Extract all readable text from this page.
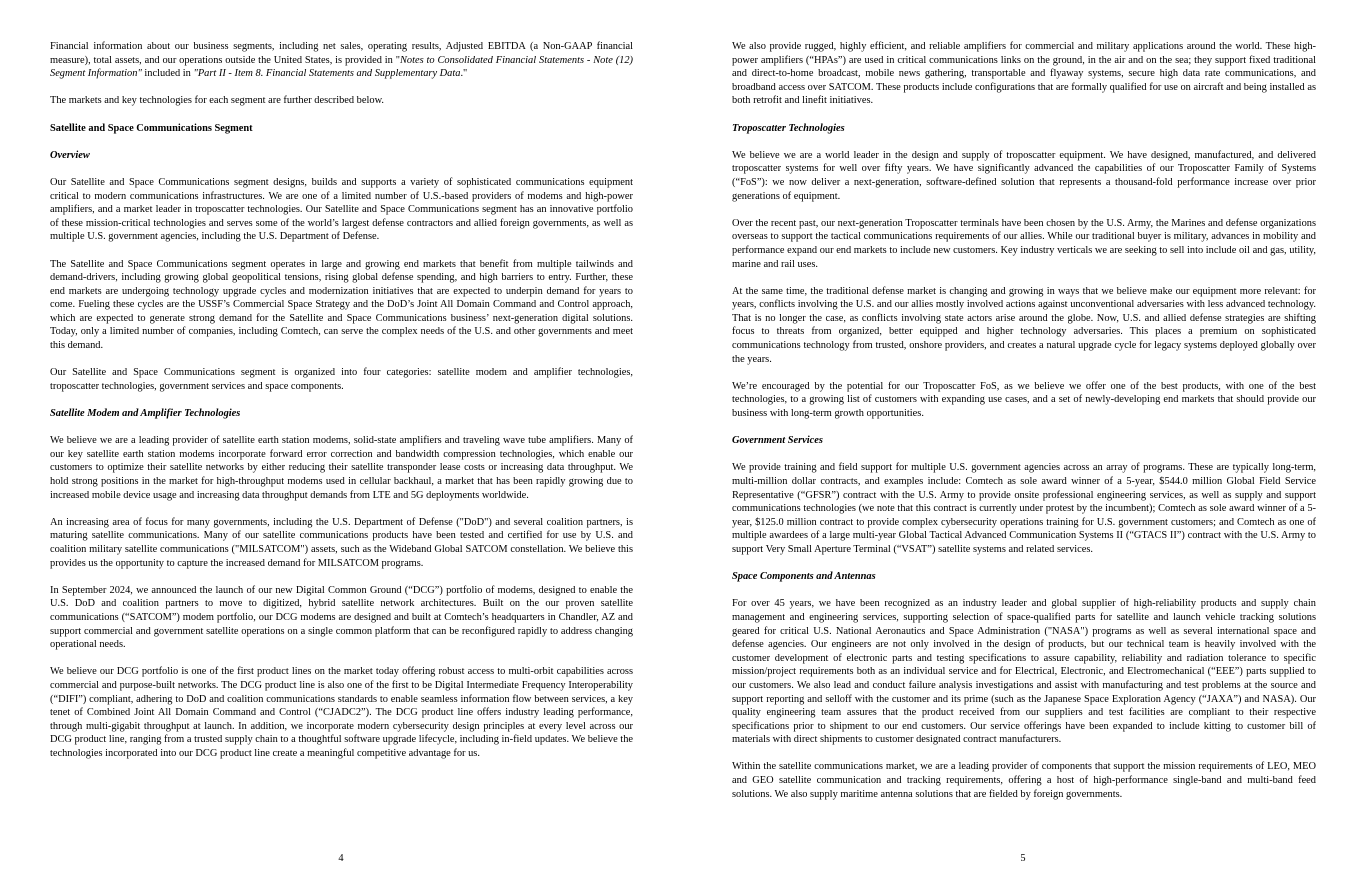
Financial information about our business segments, including net sales, operating results, Adjusted EBITDA (a Non-GAAP financial measure), total assets, and our operations outside the United States, is provided in "Notes to Consolidated Financial Statements - Note (12) Segment Information" included in "Part II - Item 8. Financial Statements and Supplementary Data."

The markets and key technologies for each segment are further described below.

Satellite and Space Communications Segment
Overview

Our Satellite and Space Communications segment designs, builds and supports a variety of sophisticated communications equipment critical to modern communications infrastructures. We are one of a limited number of U.S.-based providers of modems and high-power amplifiers, and a market leader in troposcatter technologies. Our Satellite and Space Communications segment has an innovative portfolio of these mission-critical technologies and serves some of the world’s largest defense contractors and allied foreign governments, as well as multiple U.S. government agencies, including the U.S. Department of Defense.

The Satellite and Space Communications segment operates in large and growing end markets that benefit from multiple tailwinds and demand-drivers, including growing global geopolitical tensions, rising global defense spending, and high barriers to entry. Further, these end markets are undergoing technology upgrade cycles and modernization initiatives that are expected to underpin demand for years to come. Fueling these cycles are the USSF’s Commercial Space Strategy and the DoD’s Joint All Domain Command and Control approach, which are expected to generate strong demand for the Satellite and Space Communications business’ next-generation digital solutions. Today, only a limited number of companies, including Comtech, can serve the complex needs of the U.S. and other governments and meet this demand.

Our Satellite and Space Communications segment is organized into four categories: satellite modem and amplifier technologies, troposcatter technologies, government services and space components.

Satellite Modem and Amplifier Technologies

We believe we are a leading provider of satellite earth station modems, solid-state amplifiers and traveling wave tube amplifiers. Many of our key satellite earth station modems incorporate forward error correction and bandwidth compression technologies, which enable our customers to optimize their satellite networks by either reducing their satellite transponder lease costs or increasing data throughput. We hold strong positions in the market for high-throughput modems used in cellular backhaul, a market that has been rapidly growing due to increased mobile device usage and increasing data throughput demands from LTE and 5G deployments worldwide.

An increasing area of focus for many governments, including the U.S. Department of Defense ("DoD") and several coalition partners, is maturing satellite communications. Many of our satellite communications products have been tested and certified for use by U.S. and coalition military satellite communications ("MILSATCOM") assets, such as the Wideband Global SATCOM constellation. We believe this provides us the opportunity to capture the increased demand for MILSATCOM programs.

In September 2024, we announced the launch of our new Digital Common Ground (“DCG”) portfolio of modems, designed to enable the U.S. DoD and coalition partners to move to digitized, hybrid satellite network architectures. Built on the our proven satellite communications (“SATCOM”) modem portfolio, our DCG modems are designed and built at Comtech’s headquarters in Chandler, AZ and support commercial and government satellite operations on a single common platform that can be reconfigured rapidly to address changing operational needs.

We believe our DCG portfolio is one of the first product lines on the market today offering robust access to multi-orbit capabilities across commercial and purpose-built networks. The DCG product line is also one of the first to be Digital Intermediate Frequency Interoperability (“DIFI”) compliant, adhering to DoD and coalition communications standards to enable seamless information flow between services, a key tenet of Combined Joint All Domain Command and Control (“CJADC2”). The DCG product line offers industry leading performance, through multi-gigabit throughput at launch. In addition, we incorporate modern cybersecurity design principles at every level across our DCG product line, ranging from a trusted supply chain to a thoughtful software upgrade lifecycle, including in-field updates. We believe the technologies incorporated into our DCG product line create a meaningful competitive advantage for us.

4

We also provide rugged, highly efficient, and reliable amplifiers for commercial and military applications around the world. These high-power amplifiers (“HPAs”) are used in critical communications links on the ground, in the air and on the sea; they support fixed traditional and direct-to-home broadcast, mobile news gathering, transportable and flyaway systems, secure high data rate communications, and broadband access over SATCOM. These products include configurations that are formally qualified for use on aircraft and being installed as both retrofit and linefit initiatives.

Troposcatter Technologies

We believe we are a world leader in the design and supply of troposcatter equipment. We have designed, manufactured, and delivered troposcatter systems for well over fifty years. We have significantly advanced the capabilities of our Troposcatter Family of Systems (“FoS”): we now deliver a next-generation, software-defined solution that represents a thousand-fold performance increase over prior generations of equipment.

Over the recent past, our next-generation Troposcatter terminals have been chosen by the U.S. Army, the Marines and defense organizations overseas to support the tactical communications requirements of our allies. While our traditional buyer is military, advances in mobility and performance expand our end markets to include new customers. Key industry verticals we are seeking to sell into include oil and gas, utility, marine and rail uses.

At the same time, the traditional defense market is changing and growing in ways that we believe make our equipment more relevant: for years, conflicts involving the U.S. and our allies mostly involved actions against unconventional adversaries with less advanced technology. That is no longer the case, as conflicts involving state actors arise around the globe. Now, U.S. and allied defense strategies are shifting focus to threats from organized, better equipped and higher technology adversaries. This places a premium on sophisticated communications technology from trusted, onshore providers, and creates a natural upgrade cycle for legacy systems deployed globally over the years.

We’re encouraged by the potential for our Troposcatter FoS, as we believe we offer one of the best products, with one of the best technologies, to a growing list of customers with expanding use cases, and a set of newly-developing end markets that should provide our business with long-term growth opportunities.

Government Services

We provide training and field support for multiple U.S. government agencies across an array of programs. These are typically long-term, multi-million dollar contracts, and examples include: Comtech as sole award winner of a 5-year, $544.0 million Global Field Service Representative (“GFSR”) contract with the U.S. Army to provide onsite professional engineering services, as well as supply and support communications technologies (we note that this contract is currently under protest by the incumbent); Comtech as sole award winner of a 5-year, $125.0 million contract to provide complex cybersecurity operations training for U.S. government customers; and Comtech as one of multiple awardees of a large multi-year Global Tactical Advanced Communication Systems II (“GTACS II”) contract with the U.S. Army to support Very Small Aperture Terminal (“VSAT”) satellite systems and related services.

Space Components and Antennas

For over 45 years, we have been recognized as an industry leader and global supplier of high-reliability products and supply chain management and engineering services, supporting selection of space-qualified parts for satellite and launch vehicle tracking solutions geared for critical U.S. National Aeronautics and Space Administration ("NASA") programs as well as several international space and defense agencies. Our engineers are not only involved in the design of products, but our technical team is heavily involved with the customer development of electronic parts and testing specifications to assure capability, reliability and radiation tolerance to specific mission/project requirements both as an individual service and for Electrical, Electronic, and Electromechanical (“EEE”) parts supplied to our customers. We also lead and conduct failure analysis investigations and assist with manufacturing and test problems at the source and support reporting and selloff with the customer and its prime (such as the Japanese Space Exploration Agency (“JAXA”) and NASA). Our quality engineering team assures that the product received from our suppliers and test facilities are compliant to their respective specifications prior to shipment to our end customers. Our service offerings have been expanded to include kitting to customer bill of materials with direct shipments to customer designated contract manufacturers.

Within the satellite communications market, we are a leading provider of components that support the mission requirements of LEO, MEO and GEO satellite communication and tracking requirements, offering a host of high-performance single-band and multi-band feed solutions. We also supply maritime antenna solutions that are fielded by foreign governments.

5
